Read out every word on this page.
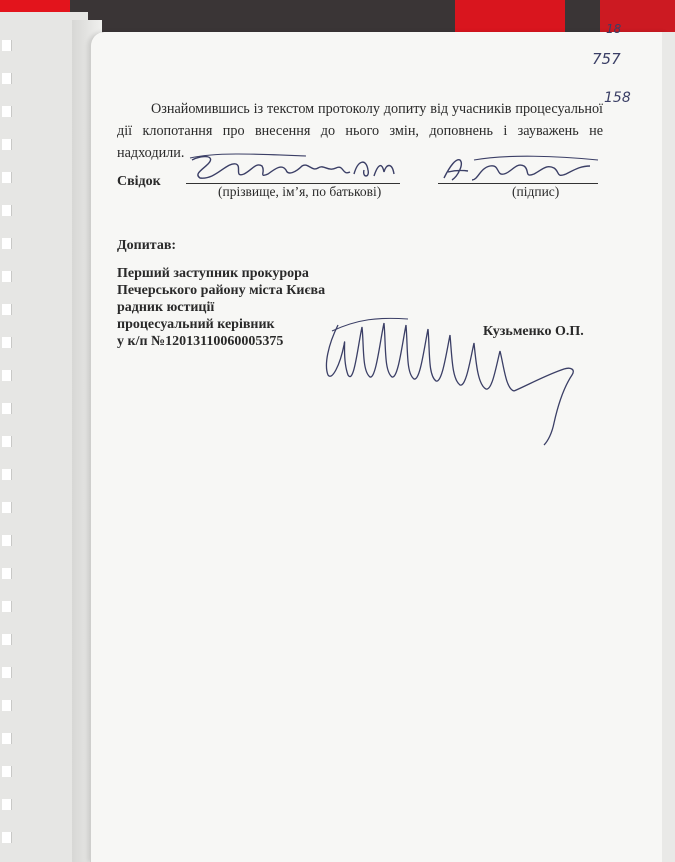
18
757
158
Ознайомившись із текстом протоколу допиту від учасників процесуальної дії клопотання про внесення до нього змін, доповнень і зауважень не надходили.
Свідок
(прізвище, ім’я, по батькові)	(підпис)
Допитав:
Перший заступник прокурора
Печерського району міста Києва
радник юстиції
процесуальний керівник
у к/п №12013110060005375
Кузьменко О.П.
